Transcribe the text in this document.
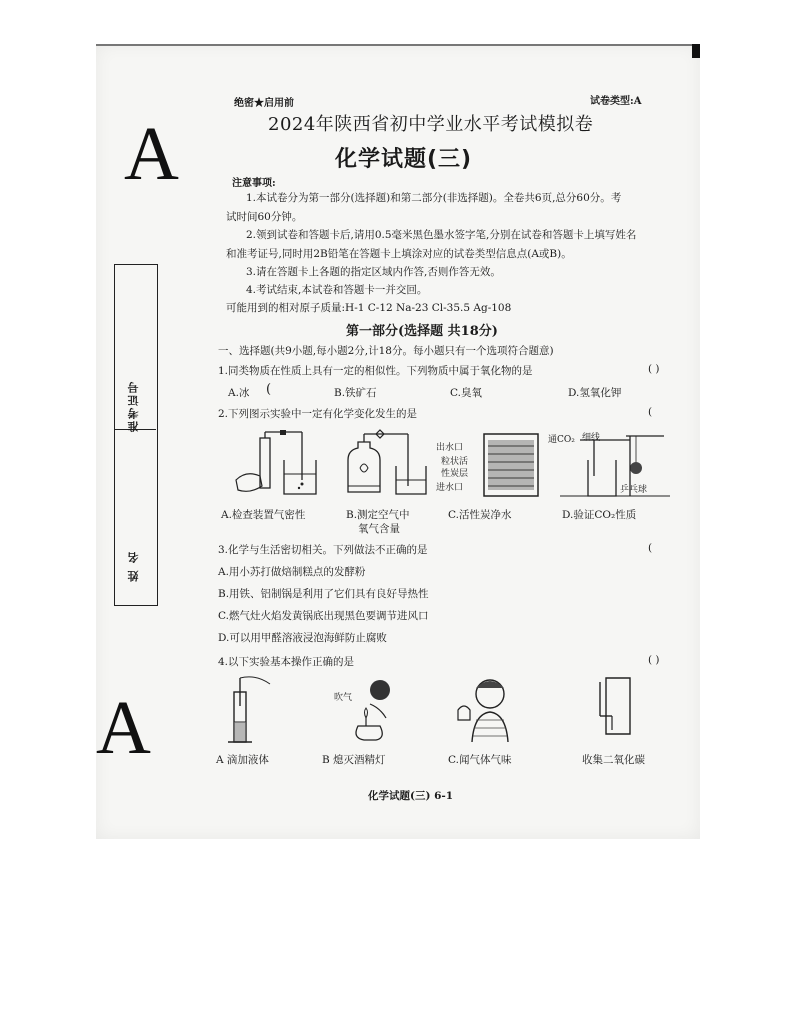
A
A
准考证号
姓 名
绝密★启用前	试卷类型:A
2024年陕西省初中学业水平考试模拟卷
化学试题(三)
注意事项:
1.本试卷分为第一部分(选择题)和第二部分(非选择题)。全卷共6页,总分60分。考
试时间60分钟。
2.领到试卷和答题卡后,请用0.5毫米黑色墨水签字笔,分别在试卷和答题卡上填写姓名
和准考证号,同时用2B铅笔在答题卡上填涂对应的试卷类型信息点(A或B)。
3.请在答题卡上各题的指定区域内作答,否则作答无效。
4.考试结束,本试卷和答题卡一并交回。
可能用到的相对原子质量:H-1 C-12 Na-23 Cl-35.5 Ag-108
第一部分(选择题 共18分)
一、选择题(共9小题,每小题2分,计18分。每小题只有一个选项符合题意)
1.同类物质在性质上具有一定的相似性。下列物质中属于氧化物的是	( )
A.冰 (	B.铁矿石	C.臭氧	D.氢氧化钾
2.下列图示实验中一定有化学变化发生的是	(
A.检查装置气密性	B.测定空气中
氧气含量
出水口
粒状活
性炭层
进水口
C.活性炭净水
通CO₂ 细线
乒乓球
D.验证CO₂性质
3.化学与生活密切相关。下列做法不正确的是	(
A.用小苏打做焙制糕点的发酵粉
B.用铁、铝制锅是利用了它们具有良好导热性
C.燃气灶火焰发黄锅底出现黑色要调节进风口
D.可以用甲醛溶液浸泡海鲜防止腐败
4.以下实验基本操作正确的是	( )
A 滴加液体
吹气
B 熄灭酒精灯	C.闻气体气味	收集二氧化碳
化学试题(三) 6-1
